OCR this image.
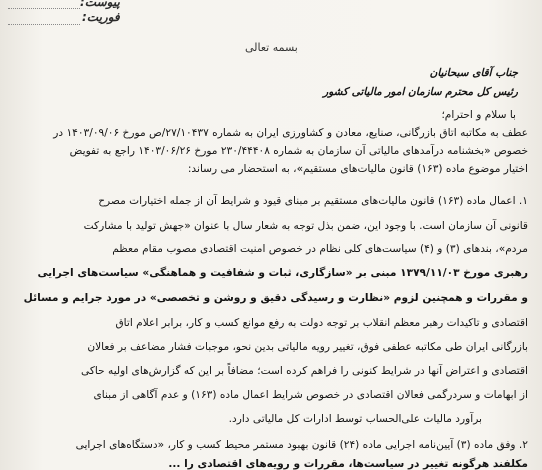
پیوست:
فوریت:
بسمه تعالی
جناب آقای سبحانیان
رئیس کل محترم سازمان امور مالیاتی کشور
با سلام و احترام؛
عطف به مکاتبه اتاق بازرگانی، صنایع، معادن و کشاورزی ایران به شماره ۲۷/۱۰۴۳۷/ص مورخ ۱۴۰۳/۰۹/۰۶ در
خصوص «بخشنامه درآمدهای مالیاتی آن سازمان به شماره ۲۳۰/۴۴۴۰۸ مورخ ۱۴۰۳/۰۶/۲۶ راجع به تفویض
اختیار موضوع ماده (۱۶۳) قانون مالیات‌های مستقیم»، به استحضار می رساند:
۱. اعمال ماده (۱۶۳) قانون مالیات‌های مستقیم بر مبنای قیود و شرایط آن از جمله اختیارات مصرح
قانونی آن سازمان است. با وجود این، ضمن بذل توجه به شعار سال با عنوان «جهش تولید با مشارکت
مردم»، بندهای (۳) و (۴) سیاست‌های کلی نظام در خصوص امنیت اقتصادی مصوب مقام معظم
رهبری مورخ ۱۳۷۹/۱۱/۰۳ مبنی بر «سازگاری، ثبات و شفافیت و هماهنگی» سیاست‌های اجرایی
و مقررات و همچنین لزوم «نظارت و رسیدگی دقیق و روشن و تخصصی» در مورد جرایم و مسائل
اقتصادی و تاکیدات رهبر معظم انقلاب بر توجه دولت به رفع موانع کسب و کار، برابر اعلام اتاق
بازرگانی ایران طی مکاتبه عطفی فوق، تغییر رویه مالیاتی بدین نحو، موجبات فشار مضاعف بر فعالان
اقتصادی و اعتراض آنها در شرایط کنونی را فراهم کرده است؛ مضافاً بر این که گزارش‌های اولیه حاکی
از ابهامات و سردرگمی فعالان اقتصادی در خصوص شرایط اعمال ماده (۱۶۳) و عدم آگاهی از مبنای
برآورد مالیات علی‌الحساب توسط ادارات کل مالیاتی دارد.
۲. وفق ماده (۳) آیین‌نامه اجرایی ماده (۲۴) قانون بهبود مستمر محیط کسب و کار، «دستگاه‌های اجرایی
مکلفند هرگونه تغییر در سیاست‌ها، مقررات و رویه‌های اقتصادی را ...
